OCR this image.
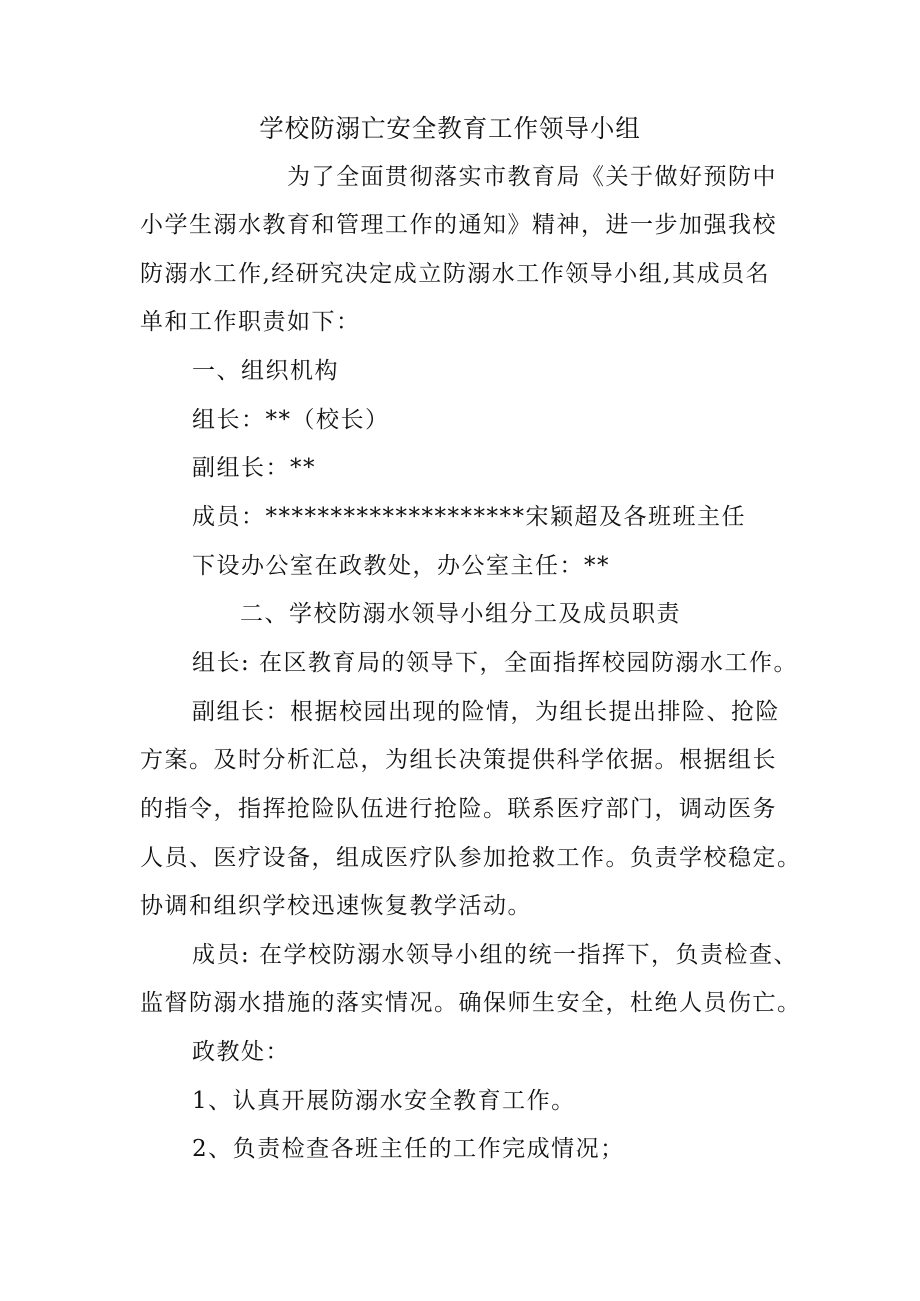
学校防溺亡安全教育工作领导小组

为了全面贯彻落实市教育局《关于做好预防中

小学生溺水教育和管理工作的通知》精神，进一步加强我校

防溺水工作,经研究决定成立防溺水工作领导小组,其成员名

单和工作职责如下：

一、组织机构

组长：**（校长）

副组长：**

成员：********************宋颖超及各班班主任

下设办公室在政教处，办公室主任：**

二、学校防溺水领导小组分工及成员职责

组长: 在区教育局的领导下，全面指挥校园防溺水工作。

副组长：根据校园出现的险情，为组长提出排险、抢险

方案。及时分析汇总，为组长决策提供科学依据。根据组长

的指令，指挥抢险队伍进行抢险。联系医疗部门，调动医务

人员、医疗设备，组成医疗队参加抢救工作。负责学校稳定。

协调和组织学校迅速恢复教学活动。

成员: 在学校防溺水领导小组的统一指挥下，负责检查、

监督防溺水措施的落实情况。确保师生安全，杜绝人员伤亡。

政教处：

1、认真开展防溺水安全教育工作。

2、负责检查各班主任的工作完成情况；
